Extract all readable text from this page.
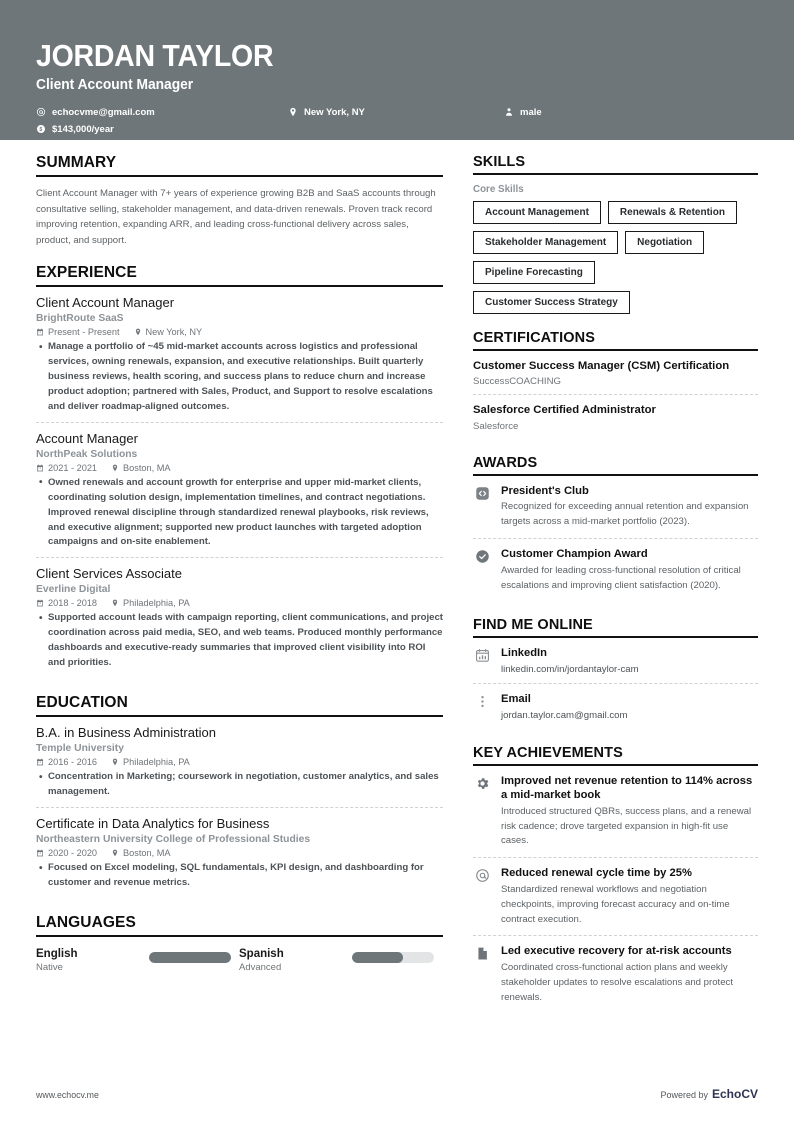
JORDAN TAYLOR
Client Account Manager
echocvme@gmail.com	New York, NY	male
$143,000/year
SUMMARY
Client Account Manager with 7+ years of experience growing B2B and SaaS accounts through consultative selling, stakeholder management, and data-driven renewals. Proven track record improving retention, expanding ARR, and leading cross-functional delivery across sales, product, and support.
EXPERIENCE
Client Account Manager
BrightRoute SaaS
Present - Present	New York, NY
• Manage a portfolio of ~45 mid-market accounts across logistics and professional services, owning renewals, expansion, and executive relationships. Built quarterly business reviews, health scoring, and success plans to reduce churn and increase product adoption; partnered with Sales, Product, and Support to resolve escalations and deliver roadmap-aligned outcomes.
Account Manager
NorthPeak Solutions
2021 - 2021	Boston, MA
• Owned renewals and account growth for enterprise and upper mid-market clients, coordinating solution design, implementation timelines, and contract negotiations. Improved renewal discipline through standardized renewal playbooks, risk reviews, and executive alignment; supported new product launches with targeted adoption campaigns and on-site enablement.
Client Services Associate
Everline Digital
2018 - 2018	Philadelphia, PA
• Supported account leads with campaign reporting, client communications, and project coordination across paid media, SEO, and web teams. Produced monthly performance dashboards and executive-ready summaries that improved client visibility into ROI and priorities.
EDUCATION
B.A. in Business Administration
Temple University
2016 - 2016	Philadelphia, PA
• Concentration in Marketing; coursework in negotiation, customer analytics, and sales management.
Certificate in Data Analytics for Business
Northeastern University College of Professional Studies
2020 - 2020	Boston, MA
• Focused on Excel modeling, SQL fundamentals, KPI design, and dashboarding for customer and revenue metrics.
LANGUAGES
English
Native
Spanish
Advanced
SKILLS
Core Skills
Account Management	Renewals & Retention
Stakeholder Management	Negotiation
Pipeline Forecasting
Customer Success Strategy
CERTIFICATIONS
Customer Success Manager (CSM) Certification
SuccessCOACHING
Salesforce Certified Administrator
Salesforce
AWARDS
President's Club
Recognized for exceeding annual retention and expansion targets across a mid-market portfolio (2023).
Customer Champion Award
Awarded for leading cross-functional resolution of critical escalations and improving client satisfaction (2020).
FIND ME ONLINE
LinkedIn
linkedin.com/in/jordantaylor-cam
Email
jordan.taylor.cam@gmail.com
KEY ACHIEVEMENTS
Improved net revenue retention to 114% across a mid-market book
Introduced structured QBRs, success plans, and a renewal risk cadence; drove targeted expansion in high-fit use cases.
Reduced renewal cycle time by 25%
Standardized renewal workflows and negotiation checkpoints, improving forecast accuracy and on-time contract execution.
Led executive recovery for at-risk accounts
Coordinated cross-functional action plans and weekly stakeholder updates to resolve escalations and protect renewals.
www.echocv.me	Powered by EchoCV
